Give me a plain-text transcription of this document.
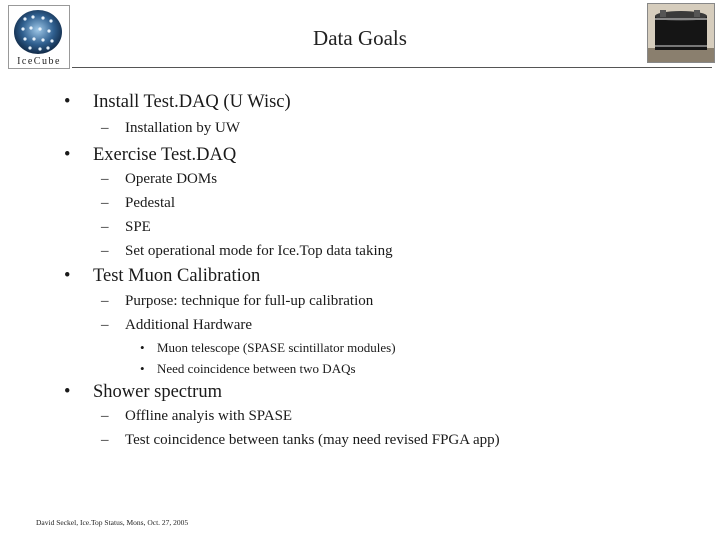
IceCube
Data Goals
• Install Test.DAQ (U Wisc)
– Installation by UW
• Exercise Test.DAQ
– Operate DOMs
– Pedestal
– SPE
– Set operational mode for Ice.Top data taking
• Test Muon Calibration
– Purpose: technique for full-up calibration
– Additional Hardware
• Muon telescope (SPASE scintillator modules)
• Need coincidence between two DAQs
• Shower spectrum
– Offline analyis with SPASE
– Test coincidence between tanks (may need revised FPGA app)
David Seckel, Ice.Top Status, Mons, Oct. 27, 2005
